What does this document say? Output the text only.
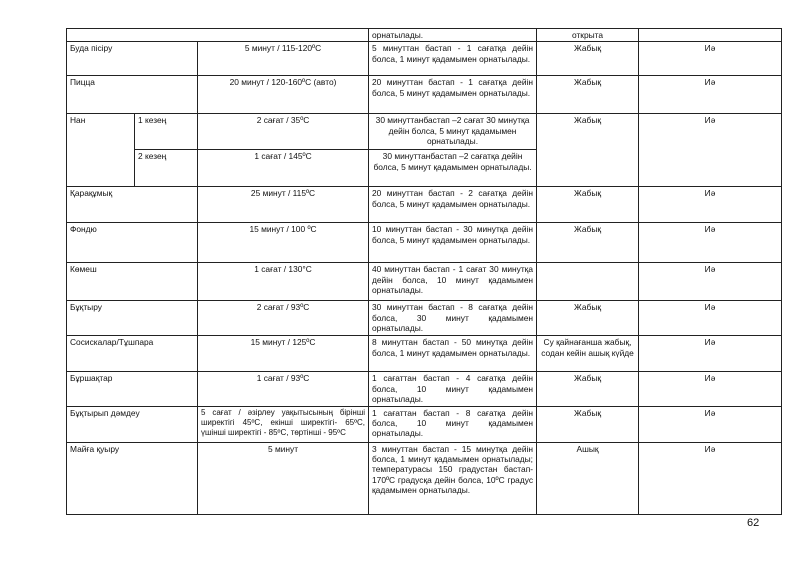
			орнатылады.	открыта	
Буда пісіру		5 минут / 115-120ºC	5 минуттан бастап - 1 сағатқа дейін болса, 1 минут қадамымен орнатылады.	Жабық	Иә
Пицца		20 минут / 120-160ºC (авто)	20 минуттан бастап - 1 сағатқа дейін болса, 5 минут қадамымен орнатылады.	Жабық	Иә
Нан	1 кезең	2 сағат / 35ºC	30 минуттанбастап –2 сағат 30 минутқа дейін болса, 5 минут қадамымен орнатылады.	Жабық	Иә
	2 кезең	1 сағат / 145ºC	30 минуттанбастап –2 сағатқа дейін болса, 5 минут қадамымен орнатылады.		
Қарақұмық		25 минут / 115ºC	20 минуттан бастап - 2 сағатқа дейін болса, 5 минут қадамымен орнатылады.	Жабық	Иә
Фондю		15 минут / 100 ºC	10 минуттан бастап - 30 минутқа дейін болса, 5 минут қадамымен орнатылады.	Жабық	Иә
Көмеш		1 сағат / 130°C	40 минуттан бастап - 1 сағат 30 минутқа дейін болса, 10 минут қадамымен орнатылады.		Иә
Бұқтыру		2 сағат / 93ºC	30 минуттан бастап - 8 сағатқа дейін болса, 30 минут қадамымен орнатылады.	Жабық	Иә
Сосискалар/Тұшпара		15 минут / 125ºC	8 минуттан бастап - 50 минутқа дейін болса, 1 минут қадамымен орнатылады.	Су қайнағанша жабық, содан кейін ашық күйде	Иә
Бұршақтар		1 сағат / 93ºC	1 сағаттан бастап - 4 сағатқа дейін болса, 10 минут қадамымен орнатылады.	Жабық	Иә
Бұқтырып дәмдеу		5 сағат / әзірлеу уақытысының бірінші ширектігі 45ºC, екінші ширектігі- 65ºC, үшінші ширектігі - 85ºC, төртінші - 95ºC	1 сағаттан бастап - 8 сағатқа дейін болса, 10 минут қадамымен орнатылады.	Жабық	Иә
Майға қуыру		5 минут	3 минуттан бастап - 15 минутқа дейін болса, 1 минут қадамымен орнатылады; температурасы 150 градустан бастап- 170ºC градусқа дейін болса, 10ºC градус қадамымен орнатылады.	Ашық	Иә
62
